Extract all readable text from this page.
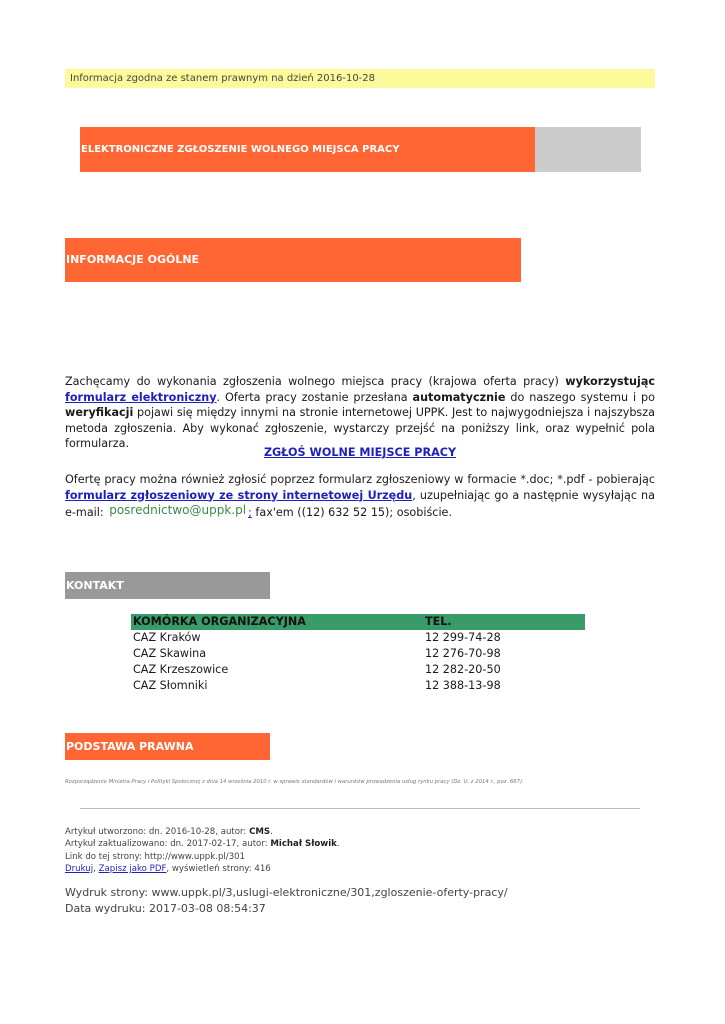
Informacja zgodna ze stanem prawnym na dzień 2016-10-28
ELEKTRONICZNE ZGŁOSZENIE WOLNEGO MIEJSCA PRACY
INFORMACJE OGÓLNE
Zachęcamy do wykonania zgłoszenia wolnego miejsca pracy (krajowa oferta pracy) wykorzystując formularz elektroniczny. Oferta pracy zostanie przesłana automatycznie do naszego systemu i po weryfikacji pojawi się między innymi na stronie internetowej UPPK. Jest to najwygodniejsza i najszybsza metoda zgłoszenia. Aby wykonać zgłoszenie, wystarczy przejść na poniższy link, oraz wypełnić pola formularza.
ZGŁOŚ WOLNE MIEJSCE PRACY
Ofertę pracy można również zgłosić poprzez formularz zgłoszeniowy w formacie *.doc; *.pdf - pobierając formularz zgłoszeniowy ze strony internetowej Urzędu, uzupełniając go a następnie wysyłając na e-mail: posrednictwo@uppk.pl ; fax'em ((12) 632 52 15); osobiście.
KONTAKT
KOMÓRKA ORGANIZACYJNA	TEL.
CAZ Kraków	12 299-74-28
CAZ Skawina	12 276-70-98
CAZ Krzeszowice	12 282-20-50
CAZ Słomniki	12 388-13-98
PODSTAWA PRAWNA
Rozporządzenie Ministra Pracy i Polityki Społecznej z dnia 14 września 2010 r. w sprawie standardów i warunków prowadzenia usług rynku pracy (Dz. U. z 2014 r., poz. 667).
Artykuł utworzono: dn. 2016-10-28, autor: CMS.
Artykuł zaktualizowano: dn. 2017-02-17, autor: Michał Słowik.
Link do tej strony: http://www.uppk.pl/301
Drukuj, Zapisz jako PDF, wyświetleń strony: 416
Wydruk strony: www.uppk.pl/3,uslugi-elektroniczne/301,zgloszenie-oferty-pracy/
Data wydruku: 2017-03-08 08:54:37
